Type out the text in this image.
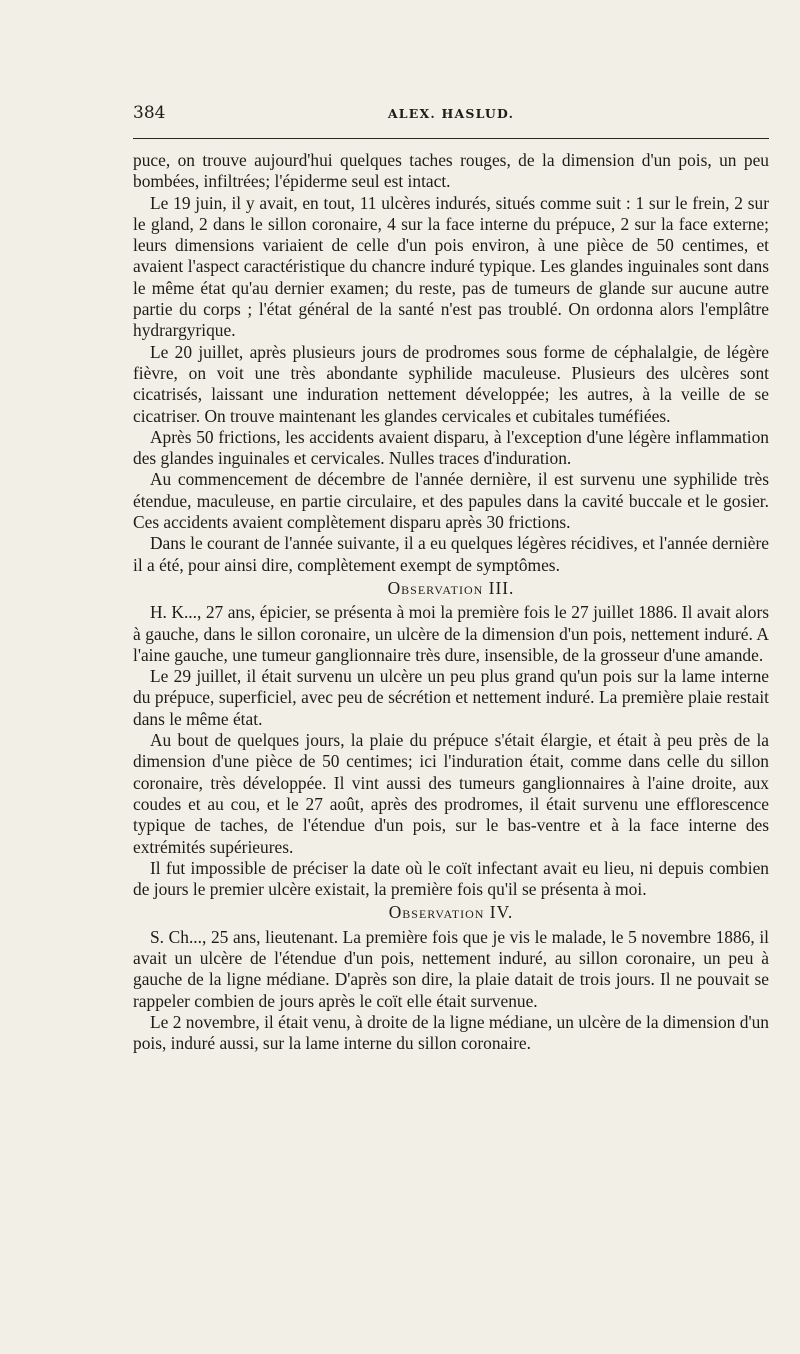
384	ALEX. HASLUD.

puce, on trouve aujourd'hui quelques taches rouges, de la dimension d'un pois, un peu bombées, infiltrées; l'épiderme seul est intact.

Le 19 juin, il y avait, en tout, 11 ulcères indurés, situés comme suit : 1 sur le frein, 2 sur le gland, 2 dans le sillon coronaire, 4 sur la face interne du prépuce, 2 sur la face externe; leurs dimensions variaient de celle d'un pois environ, à une pièce de 50 centimes, et avaient l'aspect caractéristique du chancre induré typique. Les glandes inguinales sont dans le même état qu'au dernier examen; du reste, pas de tumeurs de glande sur aucune autre partie du corps ; l'état général de la santé n'est pas troublé. On ordonna alors l'emplâtre hydrargyrique.

Le 20 juillet, après plusieurs jours de prodromes sous forme de céphalalgie, de légère fièvre, on voit une très abondante syphilide maculeuse. Plusieurs des ulcères sont cicatrisés, laissant une induration nettement développée; les autres, à la veille de se cicatriser. On trouve maintenant les glandes cervicales et cubitales tuméfiées.

Après 50 frictions, les accidents avaient disparu, à l'exception d'une légère inflammation des glandes inguinales et cervicales. Nulles traces d'induration.

Au commencement de décembre de l'année dernière, il est survenu une syphilide très étendue, maculeuse, en partie circulaire, et des papules dans la cavité buccale et le gosier. Ces accidents avaient complètement disparu après 30 frictions.

Dans le courant de l'année suivante, il a eu quelques légères récidives, et l'année dernière il a été, pour ainsi dire, complètement exempt de symptômes.

Observation III.

H. K..., 27 ans, épicier, se présenta à moi la première fois le 27 juillet 1886. Il avait alors à gauche, dans le sillon coronaire, un ulcère de la dimension d'un pois, nettement induré. A l'aine gauche, une tumeur ganglionnaire très dure, insensible, de la grosseur d'une amande.

Le 29 juillet, il était survenu un ulcère un peu plus grand qu'un pois sur la lame interne du prépuce, superficiel, avec peu de sécrétion et nettement induré. La première plaie restait dans le même état.

Au bout de quelques jours, la plaie du prépuce s'était élargie, et était à peu près de la dimension d'une pièce de 50 centimes; ici l'induration était, comme dans celle du sillon coronaire, très développée. Il vint aussi des tumeurs ganglionnaires à l'aine droite, aux coudes et au cou, et le 27 août, après des prodromes, il était survenu une efflorescence typique de taches, de l'étendue d'un pois, sur le bas-ventre et à la face interne des extrémités supérieures.

Il fut impossible de préciser la date où le coït infectant avait eu lieu, ni depuis combien de jours le premier ulcère existait, la première fois qu'il se présenta à moi.

Observation IV.

S. Ch..., 25 ans, lieutenant. La première fois que je vis le malade, le 5 novembre 1886, il avait un ulcère de l'étendue d'un pois, nettement induré, au sillon coronaire, un peu à gauche de la ligne médiane. D'après son dire, la plaie datait de trois jours. Il ne pouvait se rappeler combien de jours après le coït elle était survenue.

Le 2 novembre, il était venu, à droite de la ligne médiane, un ulcère de la dimension d'un pois, induré aussi, sur la lame interne du sillon coronaire.
